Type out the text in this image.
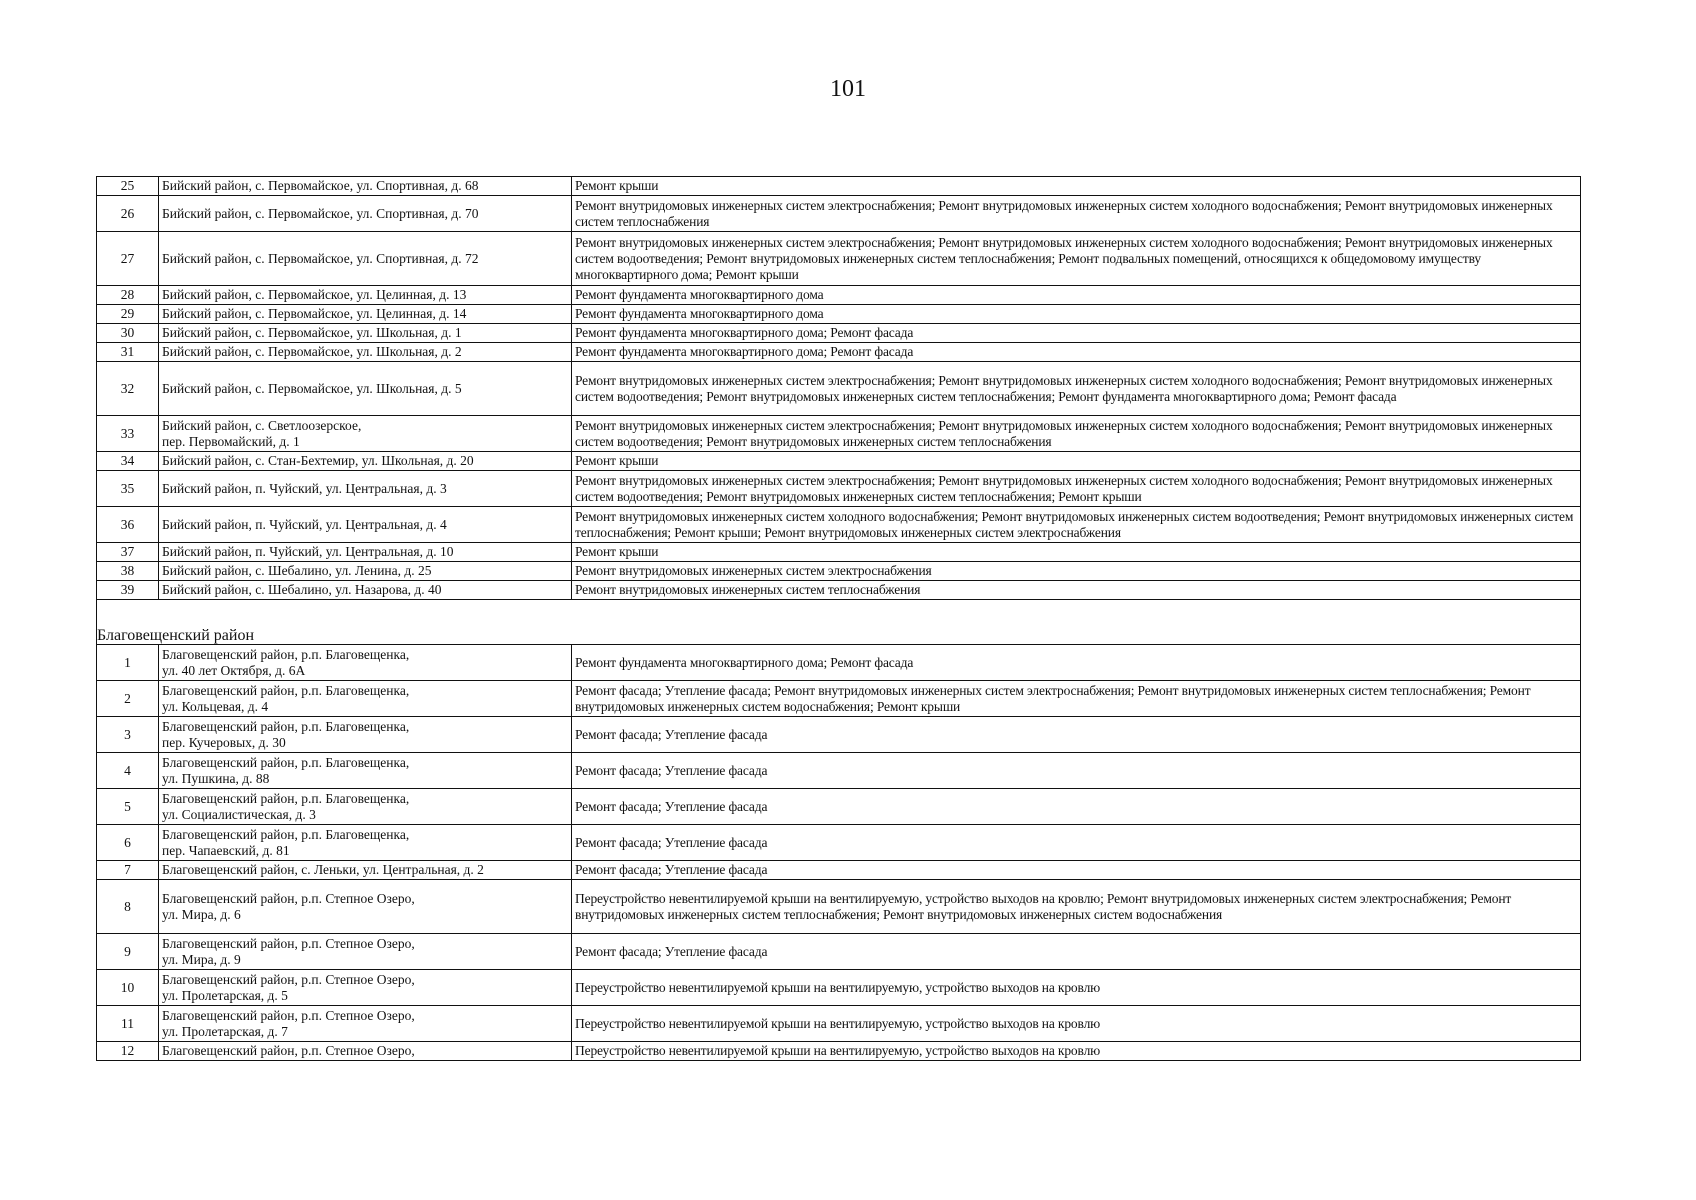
101
25	Бийский район, с. Первомайское, ул. Спортивная, д. 68	Ремонт крыши
26	Бийский район, с. Первомайское, ул. Спортивная, д. 70	Ремонт внутридомовых инженерных систем электроснабжения; Ремонт внутридомовых инженерных систем холодного водоснабжения; Ремонт внутридомовых инженерных систем теплоснабжения
27	Бийский район, с. Первомайское, ул. Спортивная, д. 72	Ремонт внутридомовых инженерных систем электроснабжения; Ремонт внутридомовых инженерных систем холодного водоснабжения; Ремонт внутридомовых инженерных систем водоотведения; Ремонт внутридомовых инженерных систем теплоснабжения; Ремонт подвальных помещений, относящихся к общедомовому имуществу многоквартирного дома; Ремонт крыши
28	Бийский район, с. Первомайское, ул. Целинная, д. 13	Ремонт фундамента многоквартирного дома
29	Бийский район, с. Первомайское, ул. Целинная, д. 14	Ремонт фундамента многоквартирного дома
30	Бийский район, с. Первомайское, ул. Школьная, д. 1	Ремонт фундамента многоквартирного дома; Ремонт фасада
31	Бийский район, с. Первомайское, ул. Школьная, д. 2	Ремонт фундамента многоквартирного дома; Ремонт фасада
32	Бийский район, с. Первомайское, ул. Школьная, д. 5	Ремонт внутридомовых инженерных систем электроснабжения; Ремонт внутридомовых инженерных систем холодного водоснабжения; Ремонт внутридомовых инженерных систем водоотведения; Ремонт внутридомовых инженерных систем теплоснабжения; Ремонт фундамента многоквартирного дома; Ремонт фасада
33	Бийский район, с. Светлоозерское,
пер. Первомайский, д. 1	Ремонт внутридомовых инженерных систем электроснабжения; Ремонт внутридомовых инженерных систем холодного водоснабжения; Ремонт внутридомовых инженерных систем водоотведения; Ремонт внутридомовых инженерных систем теплоснабжения
34	Бийский район, с. Стан-Бехтемир, ул. Школьная, д. 20	Ремонт крыши
35	Бийский район, п. Чуйский, ул. Центральная, д. 3	Ремонт внутридомовых инженерных систем электроснабжения; Ремонт внутридомовых инженерных систем холодного водоснабжения; Ремонт внутридомовых инженерных систем водоотведения; Ремонт внутридомовых инженерных систем теплоснабжения; Ремонт крыши
36	Бийский район, п. Чуйский, ул. Центральная, д. 4	Ремонт внутридомовых инженерных систем холодного водоснабжения; Ремонт внутридомовых инженерных систем водоотведения; Ремонт внутридомовых инженерных систем теплоснабжения; Ремонт крыши; Ремонт внутридомовых инженерных систем электроснабжения
37	Бийский район, п. Чуйский, ул. Центральная, д. 10	Ремонт крыши
38	Бийский район, с. Шебалино, ул. Ленина, д. 25	Ремонт внутридомовых инженерных систем электроснабжения
39	Бийский район, с. Шебалино, ул. Назарова, д. 40	Ремонт внутридомовых инженерных систем теплоснабжения

Благовещенский район		
1	Благовещенский район, р.п. Благовещенка,
ул. 40 лет Октября, д. 6А	Ремонт фундамента многоквартирного дома; Ремонт фасада
2	Благовещенский район, р.п. Благовещенка,
ул. Кольцевая, д. 4	Ремонт фасада; Утепление фасада; Ремонт внутридомовых инженерных систем электроснабжения; Ремонт внутридомовых инженерных систем теплоснабжения; Ремонт внутридомовых инженерных систем водоснабжения; Ремонт крыши
3	Благовещенский район, р.п. Благовещенка,
пер. Кучеровых, д. 30	Ремонт фасада; Утепление фасада
4	Благовещенский район, р.п. Благовещенка,
ул. Пушкина, д. 88	Ремонт фасада; Утепление фасада
5	Благовещенский район, р.п. Благовещенка,
ул. Социалистическая, д. 3	Ремонт фасада; Утепление фасада
6	Благовещенский район, р.п. Благовещенка,
пер. Чапаевский, д. 81	Ремонт фасада; Утепление фасада
7	Благовещенский район, с. Леньки, ул. Центральная, д. 2	Ремонт фасада; Утепление фасада
8	Благовещенский район, р.п. Степное Озеро,
ул. Мира, д. 6	Переустройство невентилируемой крыши на вентилируемую, устройство выходов на кровлю; Ремонт внутридомовых инженерных систем электроснабжения; Ремонт внутридомовых инженерных систем теплоснабжения; Ремонт внутридомовых инженерных систем водоснабжения
9	Благовещенский район, р.п. Степное Озеро,
ул. Мира, д. 9	Ремонт фасада; Утепление фасада
10	Благовещенский район, р.п. Степное Озеро,
ул. Пролетарская, д. 5	Переустройство невентилируемой крыши на вентилируемую, устройство выходов на кровлю
11	Благовещенский район, р.п. Степное Озеро,
ул. Пролетарская, д. 7	Переустройство невентилируемой крыши на вентилируемую, устройство выходов на кровлю
12	Благовещенский район, р.п. Степное Озеро,	Переустройство невентилируемой крыши на вентилируемую, устройство выходов на кровлю
